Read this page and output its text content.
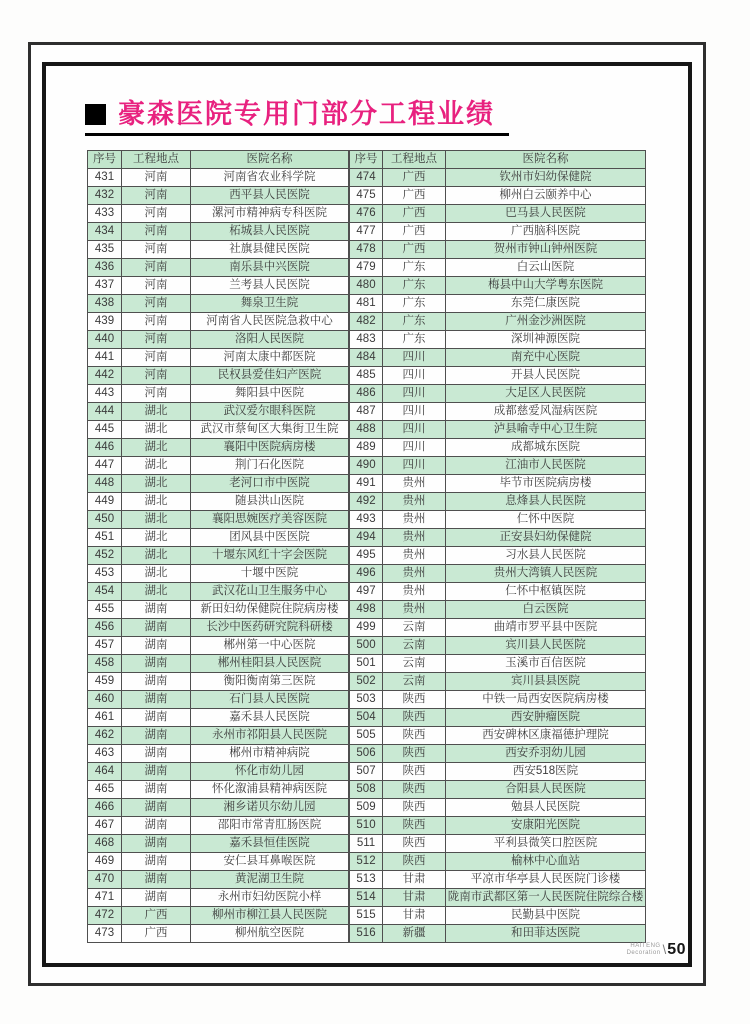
豪森医院专用门部分工程业绩
序号	工程地点	医院名称
431	河南	河南省农业科学院
432	河南	西平县人民医院
433	河南	漯河市精神病专科医院
434	河南	柘城县人民医院
435	河南	社旗县健民医院
436	河南	南乐县中兴医院
437	河南	兰考县人民医院
438	河南	舞泉卫生院
439	河南	河南省人民医院急救中心
440	河南	洛阳人民医院
441	河南	河南太康中都医院
442	河南	民权县爱佳妇产医院
443	河南	舞阳县中医院
444	湖北	武汉爱尔眼科医院
445	湖北	武汉市蔡甸区大集街卫生院
446	湖北	襄阳中医院病房楼
447	湖北	荆门石化医院
448	湖北	老河口市中医院
449	湖北	随县洪山医院
450	湖北	襄阳思婉医疗美容医院
451	湖北	团风县中医医院
452	湖北	十堰东风红十字会医院
453	湖北	十堰中医院
454	湖北	武汉花山卫生服务中心
455	湖南	新田妇幼保健院住院病房楼
456	湖南	长沙中医药研究院科研楼
457	湖南	郴州第一中心医院
458	湖南	郴州桂阳县人民医院
459	湖南	衡阳衡南第三医院
460	湖南	石门县人民医院
461	湖南	嘉禾县人民医院
462	湖南	永州市祁阳县人民医院
463	湖南	郴州市精神病院
464	湖南	怀化市幼儿园
465	湖南	怀化溆浦县精神病医院
466	湖南	湘乡诺贝尔幼儿园
467	湖南	邵阳市常青肛肠医院
468	湖南	嘉禾县恒佳医院
469	湖南	安仁县耳鼻喉医院
470	湖南	黄泥湖卫生院
471	湖南	永州市妇幼医院小样
472	广西	柳州市柳江县人民医院
473	广西	柳州航空医院
序号	工程地点	医院名称
474	广西	钦州市妇幼保健院
475	广西	柳州白云颐养中心
476	广西	巴马县人民医院
477	广西	广西脑科医院
478	广西	贺州市钟山钟州医院
479	广东	白云山医院
480	广东	梅县中山大学粤东医院
481	广东	东莞仁康医院
482	广东	广州金沙洲医院
483	广东	深圳神源医院
484	四川	南充中心医院
485	四川	开县人民医院
486	四川	大足区人民医院
487	四川	成都慈爱风湿病医院
488	四川	泸县喻寺中心卫生院
489	四川	成都城东医院
490	四川	江油市人民医院
491	贵州	毕节市医院病房楼
492	贵州	息烽县人民医院
493	贵州	仁怀中医院
494	贵州	正安县妇幼保健院
495	贵州	习水县人民医院
496	贵州	贵州大湾镇人民医院
497	贵州	仁怀中枢镇医院
498	贵州	白云医院
499	云南	曲靖市罗平县中医院
500	云南	宾川县人民医院
501	云南	玉溪市百信医院
502	云南	宾川县县医院
503	陕西	中铁一局西安医院病房楼
504	陕西	西安肿瘤医院
505	陕西	西安碑林区康福德护理院
506	陕西	西安乔羽幼儿园
507	陕西	西安518医院
508	陕西	合阳县人民医院
509	陕西	勉县人民医院
510	陕西	安康阳光医院
511	陕西	平利县微笑口腔医院
512	陕西	榆林中心血站
513	甘肃	平凉市华亭县人民医院门诊楼
514	甘肃	陇南市武都区第一人民医院住院综合楼
515	甘肃	民勤县中医院
516	新疆	和田菲达医院
HAITENG
Decoration \ 50
